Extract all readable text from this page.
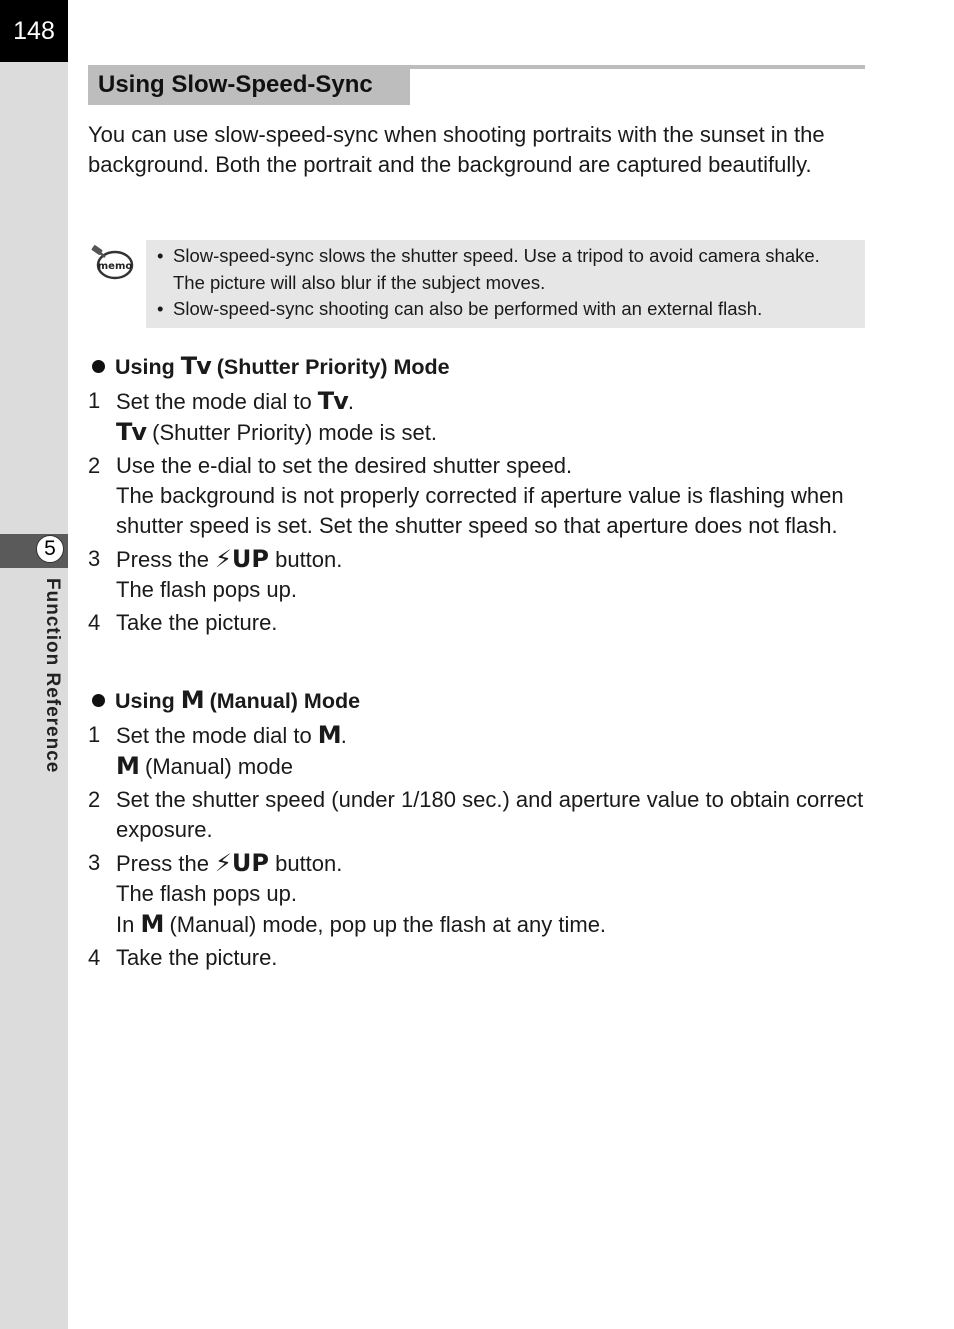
148
5
Function Reference
Using Slow-Speed-Sync

You can use slow-speed-sync when shooting portraits with the sunset in the background. Both the portrait and the background are captured beautifully.

memo
• Slow-speed-sync slows the shutter speed. Use a tripod to avoid camera shake. The picture will also blur if the subject moves.
• Slow-speed-sync shooting can also be performed with an external flash.
Using Tv (Shutter Priority) Mode
1 Set the mode dial to Tv.
Tv (Shutter Priority) mode is set.
2 Use the e-dial to set the desired shutter speed.
The background is not properly corrected if aperture value is flashing when shutter speed is set. Set the shutter speed so that aperture does not flash.
3 Press the ⚡UP button.
The flash pops up.
4 Take the picture.
Using M (Manual) Mode
1 Set the mode dial to M.
M (Manual) mode
2 Set the shutter speed (under 1/180 sec.) and aperture value to obtain correct exposure.
3 Press the ⚡UP button.
The flash pops up.
In M (Manual) mode, pop up the flash at any time.
4 Take the picture.
